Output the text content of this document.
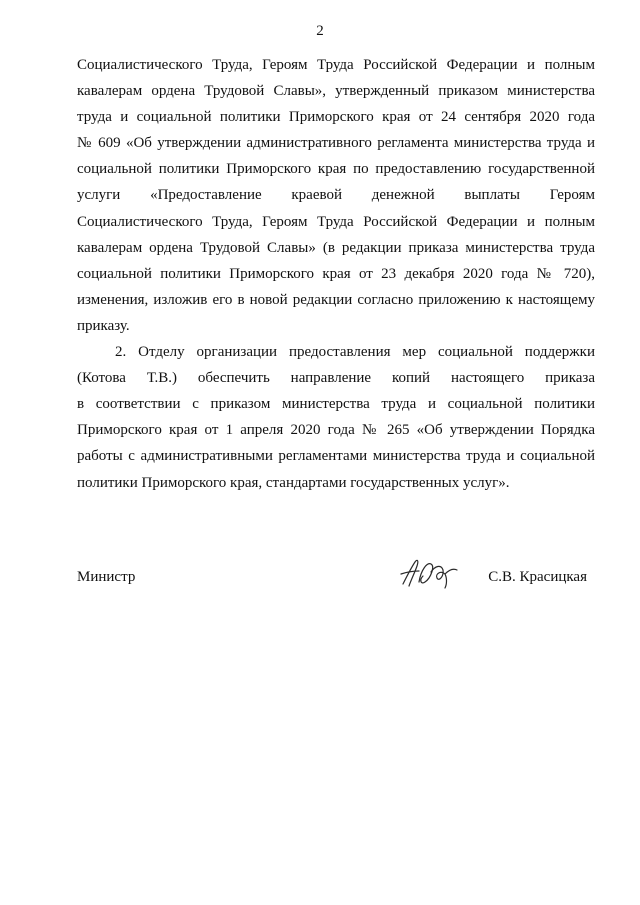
2
Социалистического Труда, Героям Труда Российской Федерации и полным
кавалерам ордена Трудовой Славы», утвержденный приказом министерства
труда и социальной политики Приморского края от 24 сентября 2020 года
№ 609 «Об утверждении административного регламента министерства труда и
социальной политики Приморского края по предоставлению государственной
услуги «Предоставление краевой денежной выплаты Героям
Социалистического Труда, Героям Труда Российской Федерации и полным
кавалерам ордена Трудовой Славы» (в редакции приказа министерства труда
социальной политики Приморского края от 23 декабря 2020 года № 720),
изменения, изложив его в новой редакции согласно приложению к настоящему
приказу.
2. Отделу организации предоставления мер социальной поддержки
(Котова Т.В.) обеспечить направление копий настоящего приказа
в соответствии с приказом министерства труда и социальной политики
Приморского края от 1 апреля 2020 года № 265 «Об утверждении Порядка
работы с административными регламентами министерства труда и социальной
политики Приморского края, стандартами государственных услуг».
Министр	С.В. Красицкая
